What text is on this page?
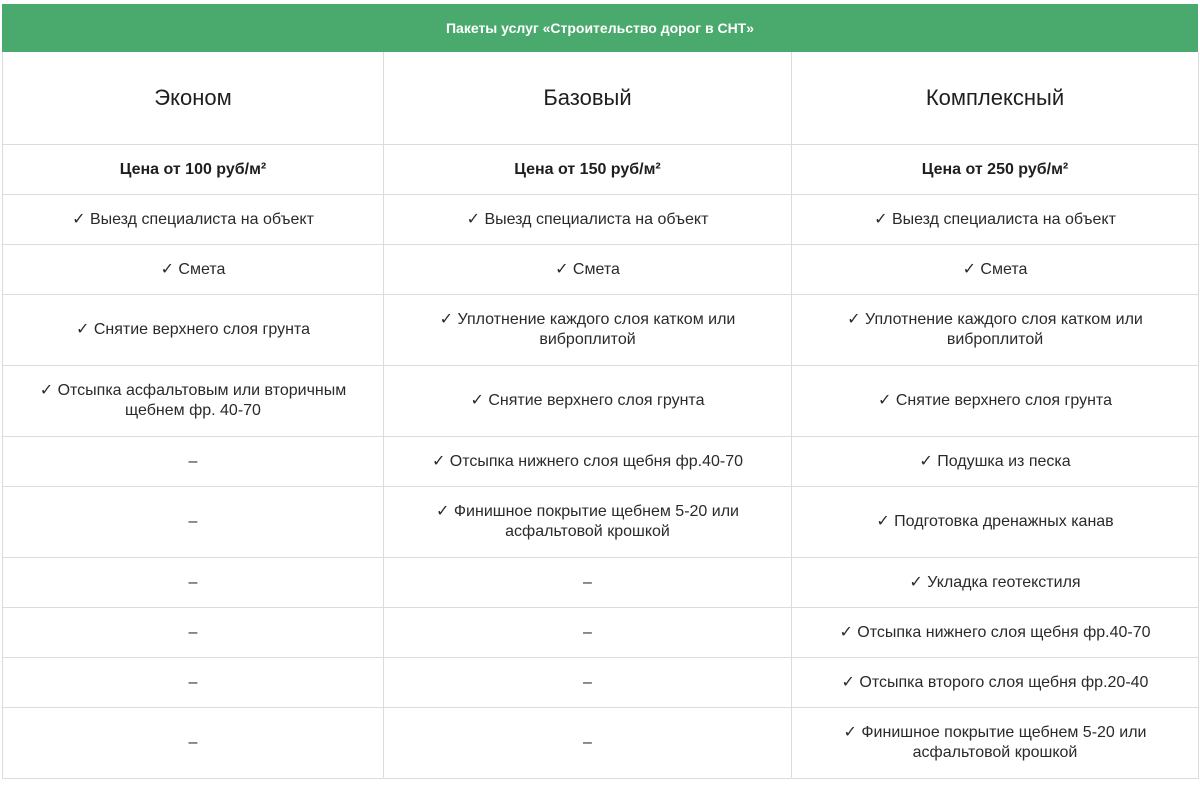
Пакеты услуг «Строительство дорог в СНТ»
Эконом	Базовый	Комплексный
Цена от 100 руб/м²	Цена от 150 руб/м²	Цена от 250 руб/м²
✓ Выезд специалиста на объект	✓ Выезд специалиста на объект	✓ Выезд специалиста на объект
✓ Смета	✓ Смета	✓ Смета
✓ Снятие верхнего слоя грунта	✓ Уплотнение каждого слоя катком или виброплитой	✓ Уплотнение каждого слоя катком или виброплитой
✓ Отсыпка асфальтовым или вторичным щебнем фр. 40-70	✓ Снятие верхнего слоя грунта	✓ Снятие верхнего слоя грунта
–	✓ Отсыпка нижнего слоя щебня фр.40-70	✓ Подушка из песка
–	✓ Финишное покрытие щебнем 5-20 или асфальтовой крошкой	✓ Подготовка дренажных канав
–	–	✓ Укладка геотекстиля
–	–	✓ Отсыпка нижнего слоя щебня фр.40-70
–	–	✓ Отсыпка второго слоя щебня фр.20-40
–	–	✓ Финишное покрытие щебнем 5-20 или асфальтовой крошкой
